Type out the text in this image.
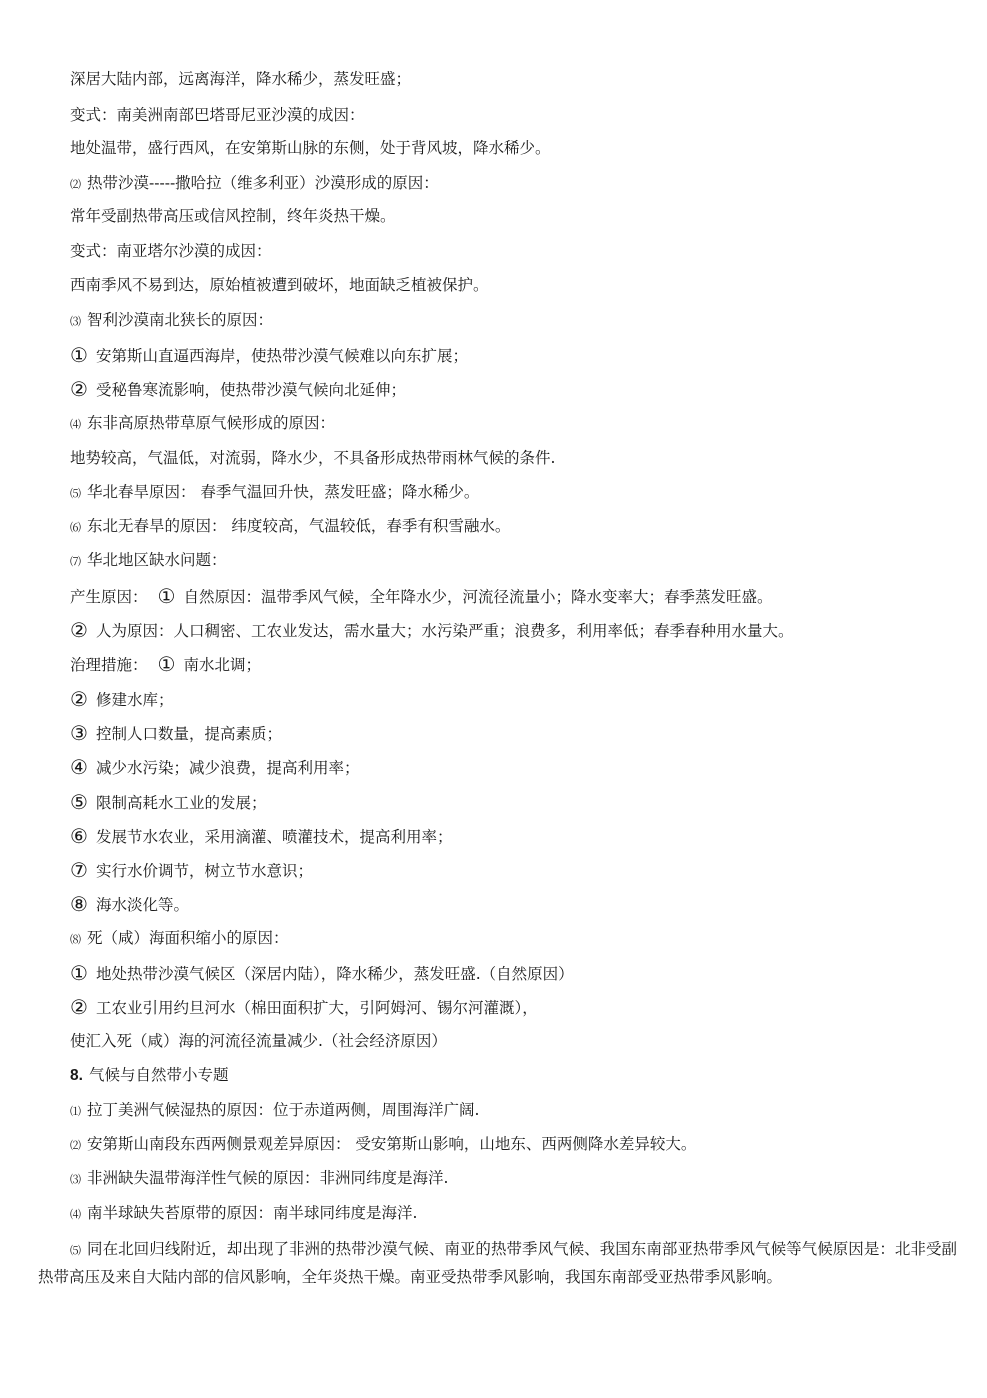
深居大陆内部，远离海洋，降水稀少，蒸发旺盛；
变式：南美洲南部巴塔哥尼亚沙漠的成因：
地处温带，盛行西风，在安第斯山脉的东侧，处于背风坡，降水稀少。
⑵ 热带沙漠-----撒哈拉（维多利亚）沙漠形成的原因：
常年受副热带高压或信风控制，终年炎热干燥。
变式：南亚塔尔沙漠的成因：
西南季风不易到达，原始植被遭到破坏，地面缺乏植被保护。
⑶ 智利沙漠南北狭长的原因：
① 安第斯山直逼西海岸，使热带沙漠气候难以向东扩展；
② 受秘鲁寒流影响，使热带沙漠气候向北延伸；
⑷ 东非高原热带草原气候形成的原因：
地势较高，气温低，对流弱，降水少，不具备形成热带雨林气候的条件.
⑸ 华北春旱原因： 春季气温回升快，蒸发旺盛；降水稀少。
⑹ 东北无春旱的原因： 纬度较高，气温较低，春季有积雪融水。
⑺ 华北地区缺水问题：
产生原因： ① 自然原因：温带季风气候，全年降水少，河流径流量小；降水变率大；春季蒸发旺盛。
② 人为原因：人口稠密、工农业发达，需水量大；水污染严重；浪费多，利用率低；春季春种用水量大。
治理措施： ① 南水北调；
② 修建水库；
③ 控制人口数量，提高素质；
④ 减少水污染；减少浪费，提高利用率；
⑤ 限制高耗水工业的发展；
⑥ 发展节水农业，采用滴灌、喷灌技术，提高利用率；
⑦ 实行水价调节，树立节水意识；
⑧ 海水淡化等。
⑻ 死（咸）海面积缩小的原因：
① 地处热带沙漠气候区（深居内陆），降水稀少，蒸发旺盛.（自然原因）
② 工农业引用约旦河水（棉田面积扩大，引阿姆河、锡尔河灌溉），
使汇入死（咸）海的河流径流量减少.（社会经济原因）
8. 气候与自然带小专题
⑴ 拉丁美洲气候湿热的原因：位于赤道两侧，周围海洋广阔.
⑵ 安第斯山南段东西两侧景观差异原因： 受安第斯山影响，山地东、西两侧降水差异较大。
⑶ 非洲缺失温带海洋性气候的原因：非洲同纬度是海洋.
⑷ 南半球缺失苔原带的原因：南半球同纬度是海洋.
⑸ 同在北回归线附近，却出现了非洲的热带沙漠气候、南亚的热带季风气候、我国东南部亚热带季风气候等气候原因是：北非受副热带高压及来自大陆内部的信风影响，全年炎热干燥。南亚受热带季风影响，我国东南部受亚热带季风影响。
